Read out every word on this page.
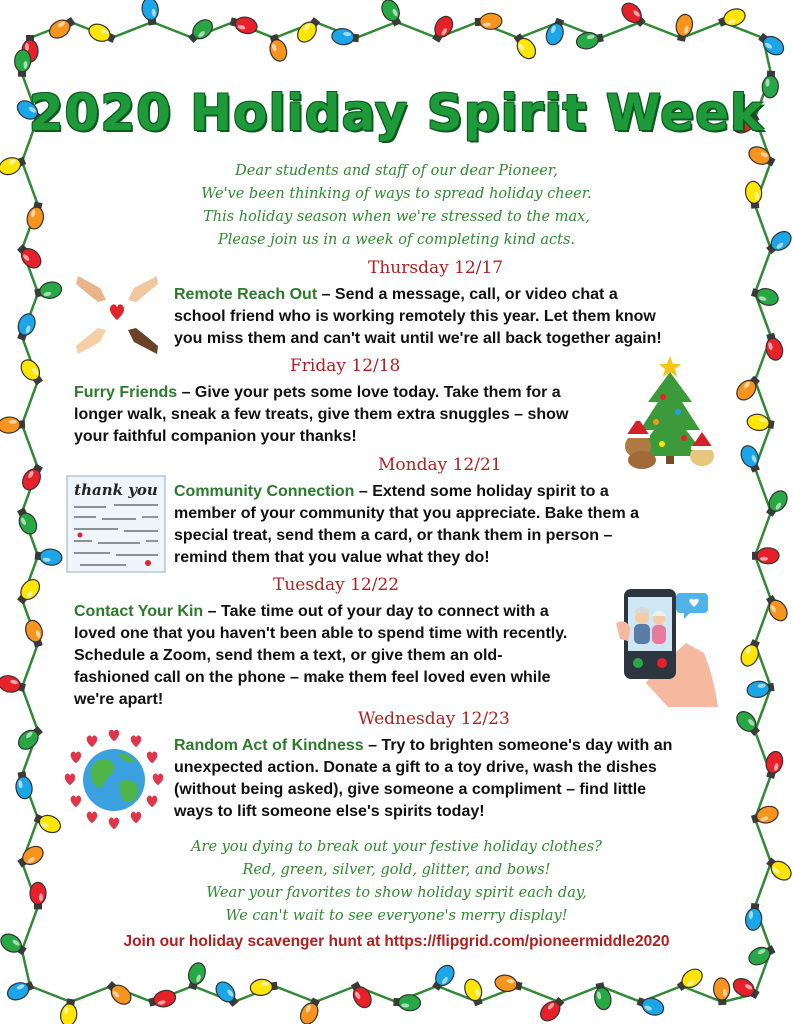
2020 Holiday Spirit Week
Dear students and staff of our dear Pioneer,
We've been thinking of ways to spread holiday cheer.
This holiday season when we're stressed to the max,
Please join us in a week of completing kind acts.
Thursday 12/17
Remote Reach Out – Send a message, call, or video chat a
school friend who is working remotely this year. Let them know
you miss them and can't wait until we're all back together again!
Friday 12/18
Furry Friends – Give your pets some love today. Take them for a
longer walk, sneak a few treats, give them extra snuggles – show
your faithful companion your thanks!
Monday 12/21
Community Connection – Extend some holiday spirit to a
member of your community that you appreciate. Bake them a
special treat, send them a card, or thank them in person –
remind them that you value what they do!
thank you
Tuesday 12/22
Contact Your Kin – Take time out of your day to connect with a
loved one that you haven't been able to spend time with recently.
Schedule a Zoom, send them a text, or give them an old-
fashioned call on the phone – make them feel loved even while
we're apart!
Wednesday 12/23
Random Act of Kindness – Try to brighten someone's day with an
unexpected action. Donate a gift to a toy drive, wash the dishes
(without being asked), give someone a compliment – find little
ways to lift someone else's spirits today!
Are you dying to break out your festive holiday clothes?
Red, green, silver, gold, glitter, and bows!
Wear your favorites to show holiday spirit each day,
We can't wait to see everyone's merry display!
Join our holiday scavenger hunt at https://flipgrid.com/pioneermiddle2020
